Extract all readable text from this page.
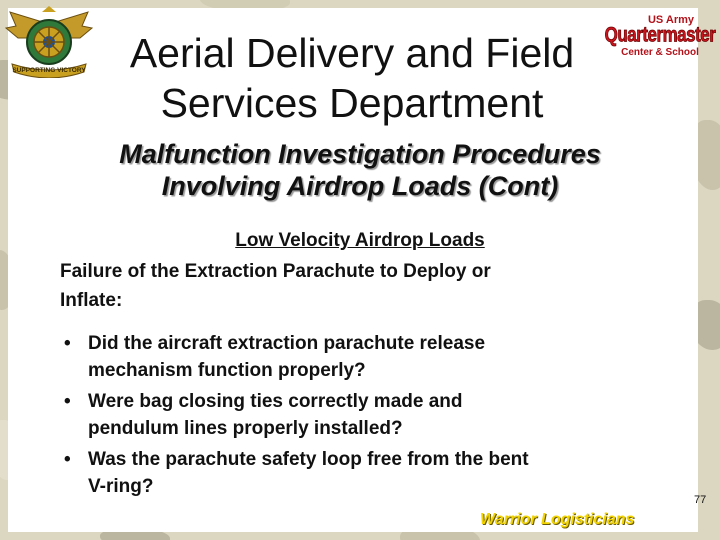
SUPPORTING VICTORY
US Army
Quartermaster
Center & School
Aerial Delivery and Field
Services Department
Malfunction Investigation Procedures
Involving Airdrop Loads (Cont)
Low Velocity Airdrop Loads
Failure of the Extraction Parachute to Deploy or
Inflate:
• Did the aircraft extraction parachute release
mechanism function properly?
• Were bag closing ties correctly made and
pendulum lines properly installed?
• Was the parachute safety loop free from the bent
V-ring?
Warrior Logisticians
77
